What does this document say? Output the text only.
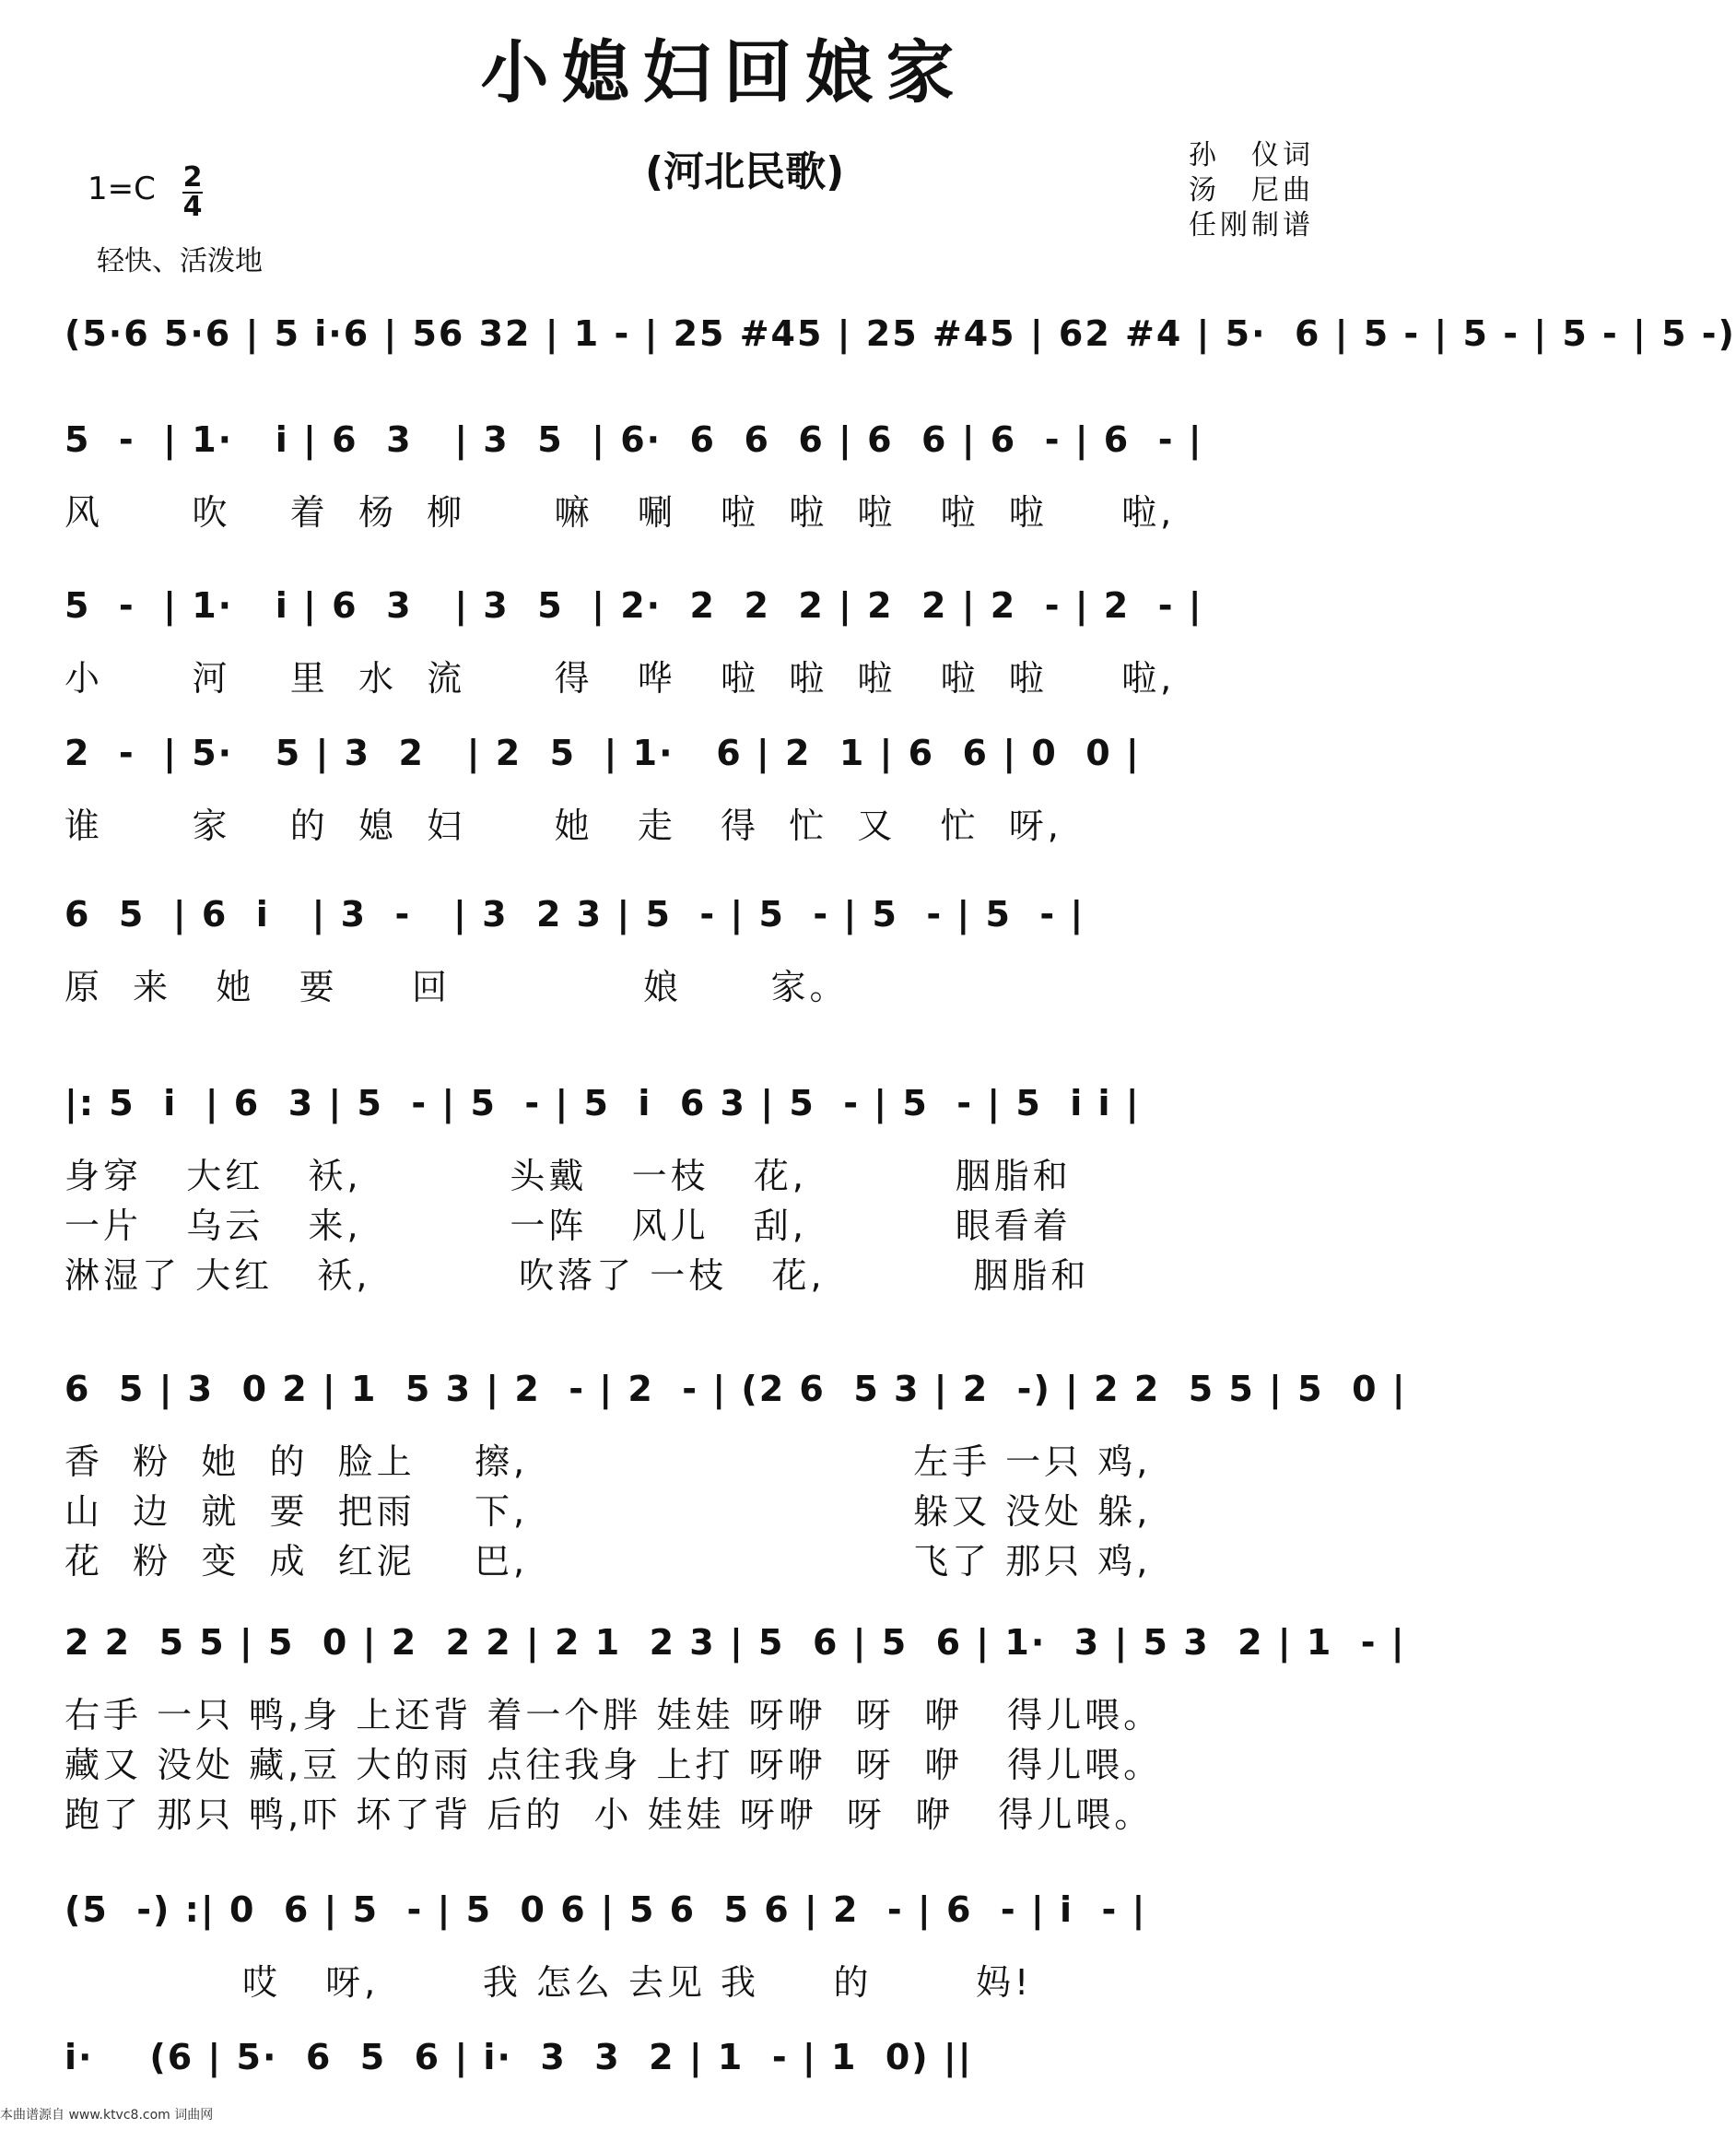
小媳妇回娘家
(河北民歌)	孙　仪词
汤　尼曲
任刚制谱
1=C 2
4
轻快、活泼地
(5·6 5·6 | 5 i·6 | 56 32 | 1 - | 25 #45 | 25 #45 | 62 #4 | 5·  6 | 5 - | 5 - | 5 - | 5 -)
5  -  | 1·   i | 6  3   | 3  5  | 6·  6  6  6 | 6  6 | 6  - | 6  - |
风      吹    着  杨  柳      嘛   唰   啦  啦  啦   啦  啦     啦,
5  -  | 1·   i | 6  3   | 3  5  | 2·  2  2  2 | 2  2 | 2  - | 2  - |
小      河    里  水  流      得   哗   啦  啦  啦   啦  啦     啦,
2  -  | 5·   5 | 3  2   | 2  5  | 1·   6 | 2  1 | 6  6 | 0  0 |
谁      家    的  媳  妇      她   走   得  忙  又   忙  呀,
6  5  | 6  i   | 3  -   | 3  2 3 | 5  - | 5  - | 5  - | 5  - |
原  来   她   要     回             娘      家。
|: 5  i  | 6  3 | 5  - | 5  - | 5  i  6 3 | 5  - | 5  - | 5  i i |
身穿   大红   袄,          头戴   一枝   花,          胭脂和
一片   乌云   来,          一阵   风儿   刮,          眼看着
淋湿了 大红   袄,          吹落了 一枝   花,          胭脂和
6  5 | 3  0 2 | 1  5 3 | 2  - | 2  - | (2 6  5 3 | 2  -) | 2 2  5 5 | 5  0 |
香  粉  她  的  脸上    擦,                          左手 一只 鸡,
山  边  就  要  把雨    下,                          躲又 没处 躲,
花  粉  变  成  红泥    巴,                          飞了 那只 鸡,
2 2  5 5 | 5  0 | 2  2 2 | 2 1  2 3 | 5  6 | 5  6 | 1·  3 | 5 3  2 | 1  - |
右手 一只 鸭,身 上还背 着一个胖 娃娃 呀咿  呀  咿   得儿喂。
藏又 没处 藏,豆 大的雨 点往我身 上打 呀咿  呀  咿   得儿喂。
跑了 那只 鸭,吓 坏了背 后的  小 娃娃 呀咿  呀  咿   得儿喂。
(5  -) :| 0  6 | 5  - | 5  0 6 | 5 6  5 6 | 2  - | 6  - | i  - |
哎   呀,       我 怎么 去见 我     的       妈!
i·    (6 | 5·  6  5  6 | i·  3  3  2 | 1  - | 1  0) ||
本曲谱源自 www.ktvc8.com 词曲网
